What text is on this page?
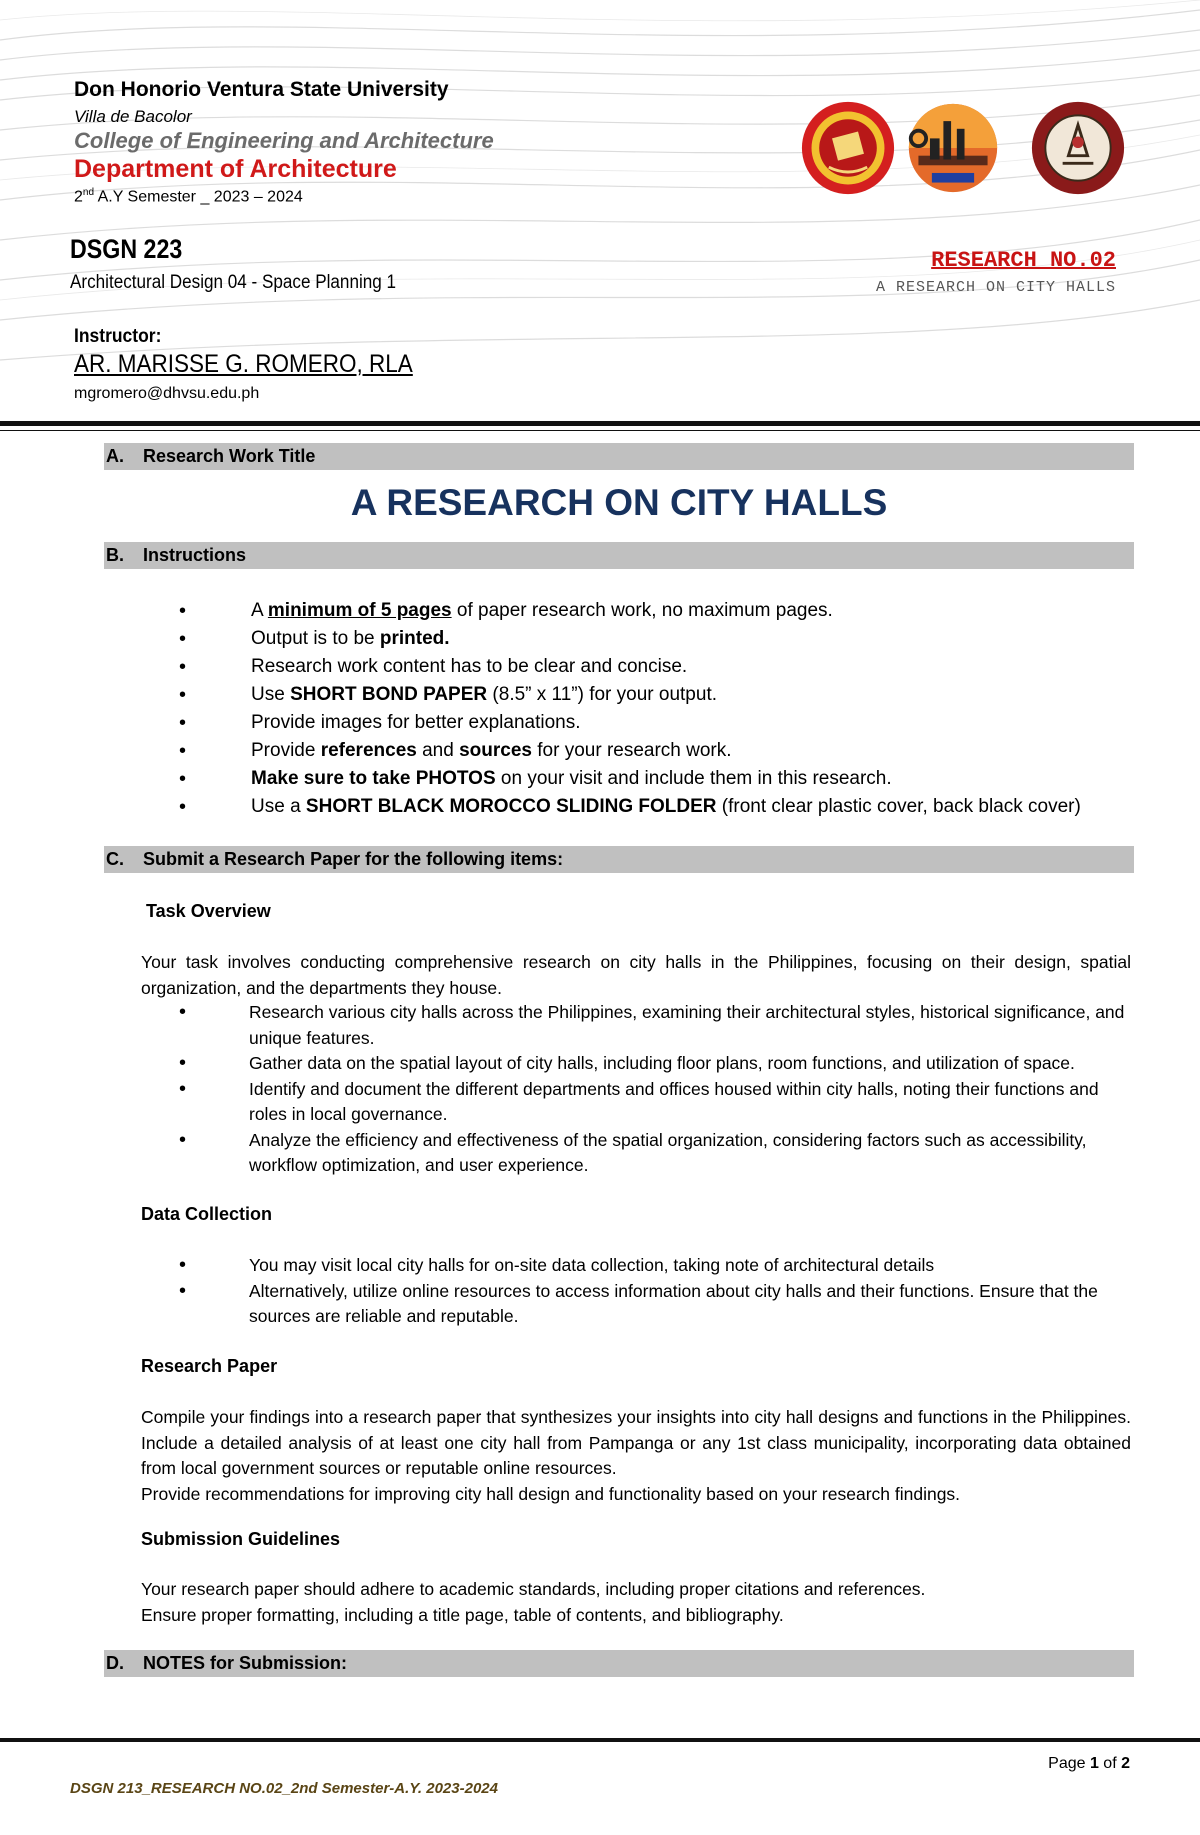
Don Honorio Ventura State University
Villa de Bacolor
College of Engineering and Architecture
Department of Architecture
2nd A.Y Semester _ 2023 – 2024
DSGN 223
Architectural Design 04 - Space Planning 1
RESEARCH NO.02
A RESEARCH ON CITY HALLS
Instructor:
AR. MARISSE G. ROMERO, RLA
mgromero@dhvsu.edu.ph
A.	Research Work Title
A RESEARCH ON CITY HALLS
B.	Instructions
• A minimum of 5 pages of paper research work, no maximum pages.
• Output is to be printed.
• Research work content has to be clear and concise.
• Use SHORT BOND PAPER (8.5” x 11”) for your output.
• Provide images for better explanations.
• Provide references and sources for your research work.
• Make sure to take PHOTOS on your visit and include them in this research.
• Use a SHORT BLACK MOROCCO SLIDING FOLDER (front clear plastic cover, back black cover)
C.	Submit a Research Paper for the following items:
Task Overview

Your task involves conducting comprehensive research on city halls in the Philippines, focusing on their design, spatial organization, and the departments they house.

• Research various city halls across the Philippines, examining their architectural styles, historical significance, and unique features.
• Gather data on the spatial layout of city halls, including floor plans, room functions, and utilization of space.
• Identify and document the different departments and offices housed within city halls, noting their functions and roles in local governance.
• Analyze the efficiency and effectiveness of the spatial organization, considering factors such as accessibility, workflow optimization, and user experience.
Data Collection
• You may visit local city halls for on-site data collection, taking note of architectural details
• Alternatively, utilize online resources to access information about city halls and their functions. Ensure that the sources are reliable and reputable.
Research Paper

Compile your findings into a research paper that synthesizes your insights into city hall designs and functions in the Philippines. Include a detailed analysis of at least one city hall from Pampanga or any 1st class municipality, incorporating data obtained from local government sources or reputable online resources.

Provide recommendations for improving city hall design and functionality based on your research findings.

Submission Guidelines

Your research paper should adhere to academic standards, including proper citations and references.

Ensure proper formatting, including a title page, table of contents, and bibliography.

D.	NOTES for Submission:
Page 1 of 2
DSGN 213_RESEARCH NO.02_2nd Semester-A.Y. 2023-2024
